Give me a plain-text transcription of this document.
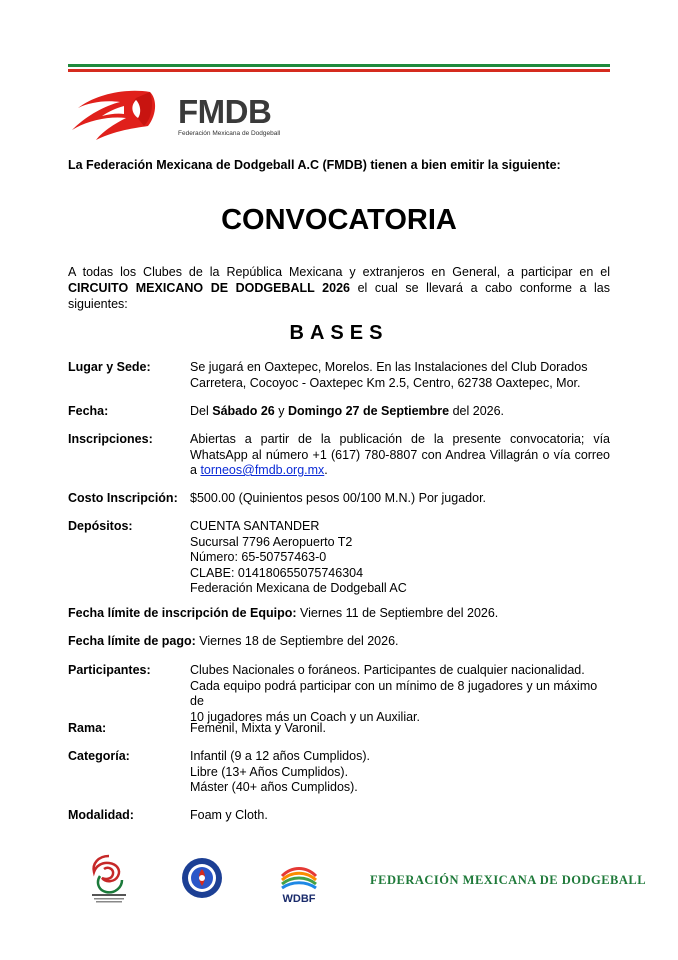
FMDB
Federación Mexicana de Dodgeball
La Federación Mexicana de Dodgeball A.C (FMDB) tienen a bien emitir la siguiente:
CONVOCATORIA
A todas los Clubes de la República Mexicana y extranjeros en General, a participar en el CIRCUITO MEXICANO DE DODGEBALL 2026 el cual se llevará a cabo conforme a las siguientes:
BASES
Lugar y Sede:	Se jugará en Oaxtepec, Morelos. En las Instalaciones del Club Dorados
Carretera, Cocoyoc - Oaxtepec Km 2.5, Centro, 62738 Oaxtepec, Mor.
Fecha:	Del Sábado 26 y Domingo 27 de Septiembre del 2026.
Inscripciones:	Abiertas a partir de la publicación de la presente convocatoria; vía WhatsApp al número +1 (617) 780-8807 con Andrea Villagrán o vía correo a torneos@fmdb.org.mx.
Costo Inscripción: $500.00 (Quinientos pesos 00/100 M.N.) Por jugador.
Depósitos:	CUENTA SANTANDER
Sucursal 7796 Aeropuerto T2
Número: 65-50757463-0
CLABE: 014180655075746304
Federación Mexicana de Dodgeball AC
Fecha límite de inscripción de Equipo: Viernes 11 de Septiembre del 2026.
Fecha límite de pago: Viernes 18 de Septiembre del 2026.
Participantes:	Clubes Nacionales o foráneos. Participantes de cualquier nacionalidad.
Cada equipo podrá participar con un mínimo de 8 jugadores y un máximo de
10 jugadores más un Coach y un Auxiliar.
Rama:	Femenil, Mixta y Varonil.
Categoría:	Infantil (9 a 12 años Cumplidos).
Libre (13+ Años Cumplidos).
Máster (40+ años Cumplidos).
Modalidad:	Foam y Cloth.
WDBF
FEDERACIÓN MEXICANA DE DODGEBALL
